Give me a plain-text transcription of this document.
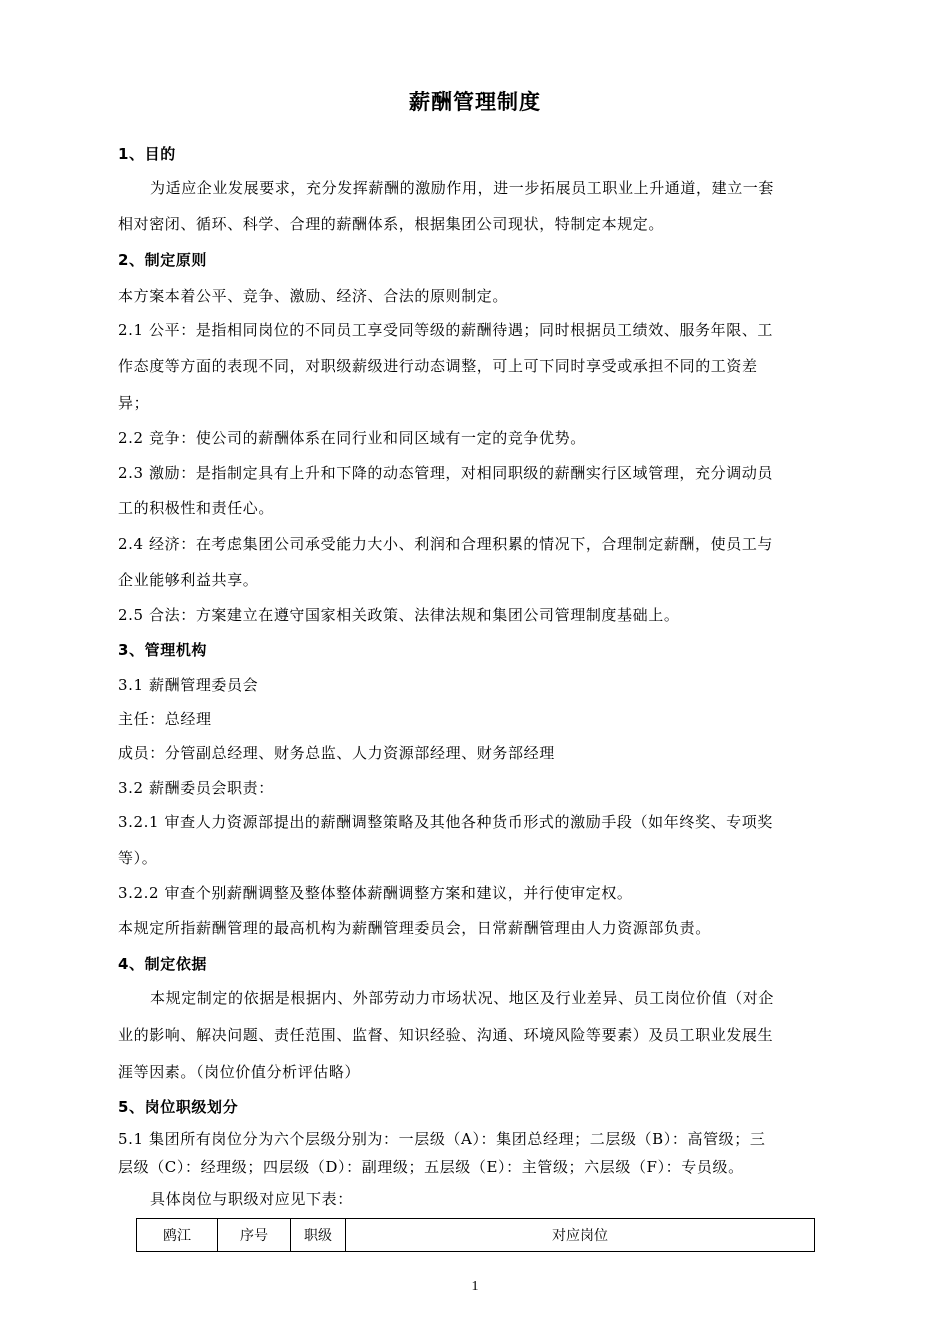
薪酬管理制度
1、目的
为适应企业发展要求，充分发挥薪酬的激励作用，进一步拓展员工职业上升通道，建立一套
相对密闭、循环、科学、合理的薪酬体系，根据集团公司现状，特制定本规定。
2、制定原则
本方案本着公平、竞争、激励、经济、合法的原则制定。
2.1 公平：是指相同岗位的不同员工享受同等级的薪酬待遇；同时根据员工绩效、服务年限、工
作态度等方面的表现不同，对职级薪级进行动态调整，可上可下同时享受或承担不同的工资差
异；
2.2 竞争：使公司的薪酬体系在同行业和同区域有一定的竞争优势。
2.3 激励：是指制定具有上升和下降的动态管理，对相同职级的薪酬实行区域管理，充分调动员
工的积极性和责任心。
2.4 经济：在考虑集团公司承受能力大小、利润和合理积累的情况下，合理制定薪酬，使员工与
企业能够利益共享。
2.5 合法：方案建立在遵守国家相关政策、法律法规和集团公司管理制度基础上。
3、管理机构
3.1 薪酬管理委员会
主任：总经理
成员：分管副总经理、财务总监、人力资源部经理、财务部经理
3.2 薪酬委员会职责：
3.2.1 审查人力资源部提出的薪酬调整策略及其他各种货币形式的激励手段（如年终奖、专项奖
等）。
3.2.2 审查个别薪酬调整及整体整体薪酬调整方案和建议，并行使审定权。
本规定所指薪酬管理的最高机构为薪酬管理委员会，日常薪酬管理由人力资源部负责。
4、制定依据
本规定制定的依据是根据内、外部劳动力市场状况、地区及行业差异、员工岗位价值（对企
业的影响、解决问题、责任范围、监督、知识经验、沟通、环境风险等要素）及员工职业发展生
涯等因素。（岗位价值分析评估略）
5、岗位职级划分
5.1 集团所有岗位分为六个层级分别为：一层级（A）：集团总经理；二层级（B）：高管级；三
层级（C）：经理级；四层级（D）：副理级；五层级（E）：主管级；六层级（F）：专员级。
具体岗位与职级对应见下表：
鸥江	序号	职级	对应岗位
1
